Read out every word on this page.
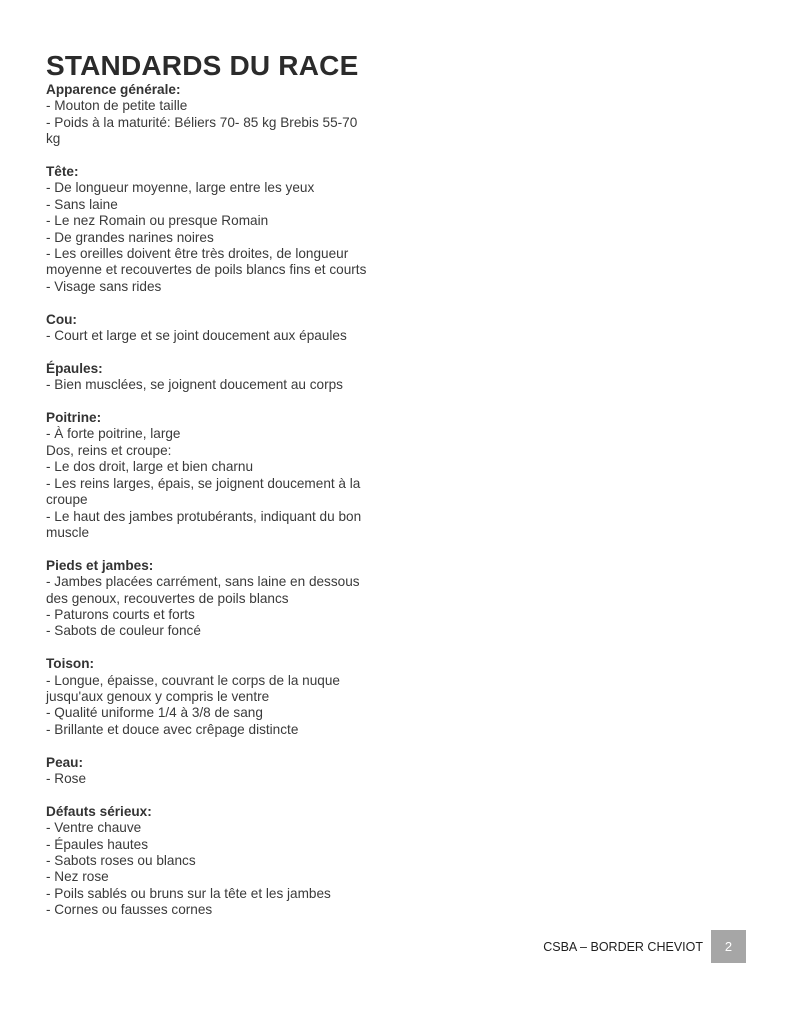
STANDARDS DU RACE
Apparence générale:
- Mouton de petite taille
- Poids à la maturité: Béliers 70- 85 kg Brebis 55-70
kg
Tête:
- De longueur moyenne, large entre les yeux
- Sans laine
- Le nez Romain ou presque Romain
- De grandes narines noires
- Les oreilles doivent être très droites, de longueur
moyenne et recouvertes de poils blancs fins et courts
- Visage sans rides
Cou:
- Court et large et se joint doucement aux épaules
Épaules:
- Bien musclées, se joignent doucement au corps
Poitrine:
- À forte poitrine, large
Dos, reins et croupe:
- Le dos droit, large et bien charnu
- Les reins larges, épais, se joignent doucement à la
croupe
- Le haut des jambes protubérants, indiquant du bon
muscle
Pieds et jambes:
- Jambes placées carrément, sans laine en dessous
des genoux, recouvertes de poils blancs
- Paturons courts et forts
- Sabots de couleur foncé
Toison:
- Longue, épaisse, couvrant le corps de la nuque
jusqu'aux genoux y compris le ventre
- Qualité uniforme 1/4 à 3/8 de sang
- Brillante et douce avec crêpage distincte
Peau:
- Rose
Défauts sérieux:
- Ventre chauve
- Épaules hautes
- Sabots roses ou blancs
- Nez rose
- Poils sablés ou bruns sur la tête et les jambes
- Cornes ou fausses cornes
CSBA – BORDER CHEVIOT	2
